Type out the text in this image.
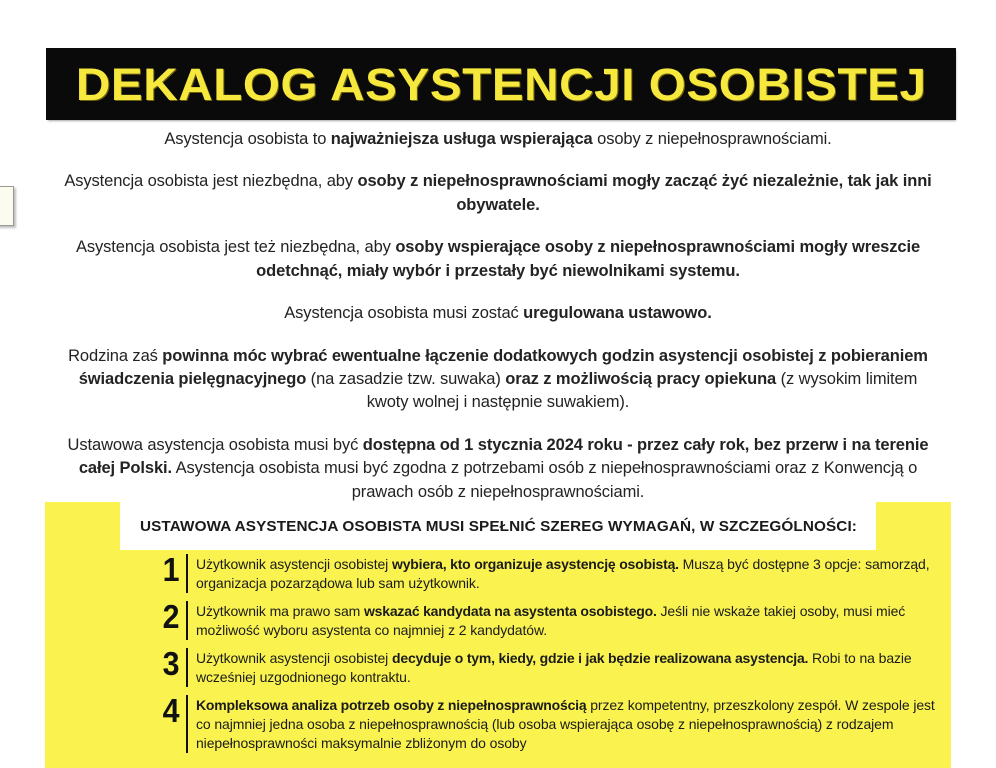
DEKALOG ASYSTENCJI OSOBISTEJ

Asystencja osobista to najważniejsza usługa wspierająca osoby z niepełnosprawnościami.

Asystencja osobista jest niezbędna, aby osoby z niepełnosprawnościami mogły zacząć żyć niezależnie, tak jak inni obywatele.

Asystencja osobista jest też niezbędna, aby osoby wspierające osoby z niepełnosprawnościami mogły wreszcie odetchnąć, miały wybór i przestały być niewolnikami systemu.

Asystencja osobista musi zostać uregulowana ustawowo.

Rodzina zaś powinna móc wybrać ewentualne łączenie dodatkowych godzin asystencji osobistej z pobieraniem świadczenia pielęgnacyjnego (na zasadzie tzw. suwaka) oraz z możliwością pracy opiekuna (z wysokim limitem kwoty wolnej i następnie suwakiem).

Ustawowa asystencja osobista musi być dostępna od 1 stycznia 2024 roku - przez cały rok, bez przerw i na terenie całej Polski. Asystencja osobista musi być zgodna z potrzebami osób z niepełnosprawnościami oraz z Konwencją o prawach osób z niepełnosprawnościami.

USTAWOWA ASYSTENCJA OSOBISTA MUSI SPEŁNIĆ SZEREG WYMAGAŃ, W SZCZEGÓLNOŚCI:
1	Użytkownik asystencji osobistej wybiera, kto organizuje asystencję osobistą. Muszą być dostępne 3 opcje: samorząd, organizacja pozarządowa lub sam użytkownik.
2	Użytkownik ma prawo sam wskazać kandydata na asystenta osobistego. Jeśli nie wskaże takiej osoby, musi mieć możliwość wyboru asystenta co najmniej z 2 kandydatów.
3	Użytkownik asystencji osobistej decyduje o tym, kiedy, gdzie i jak będzie realizowana asystencja. Robi to na bazie wcześniej uzgodnionego kontraktu.
4	Kompleksowa analiza potrzeb osoby z niepełnosprawnością przez kompetentny, przeszkolony zespół. W zespole jest co najmniej jedna osoba z niepełnosprawnością (lub osoba wspierająca osobę z niepełnosprawnością) z rodzajem niepełnosprawności maksymalnie zbliżonym do osoby
